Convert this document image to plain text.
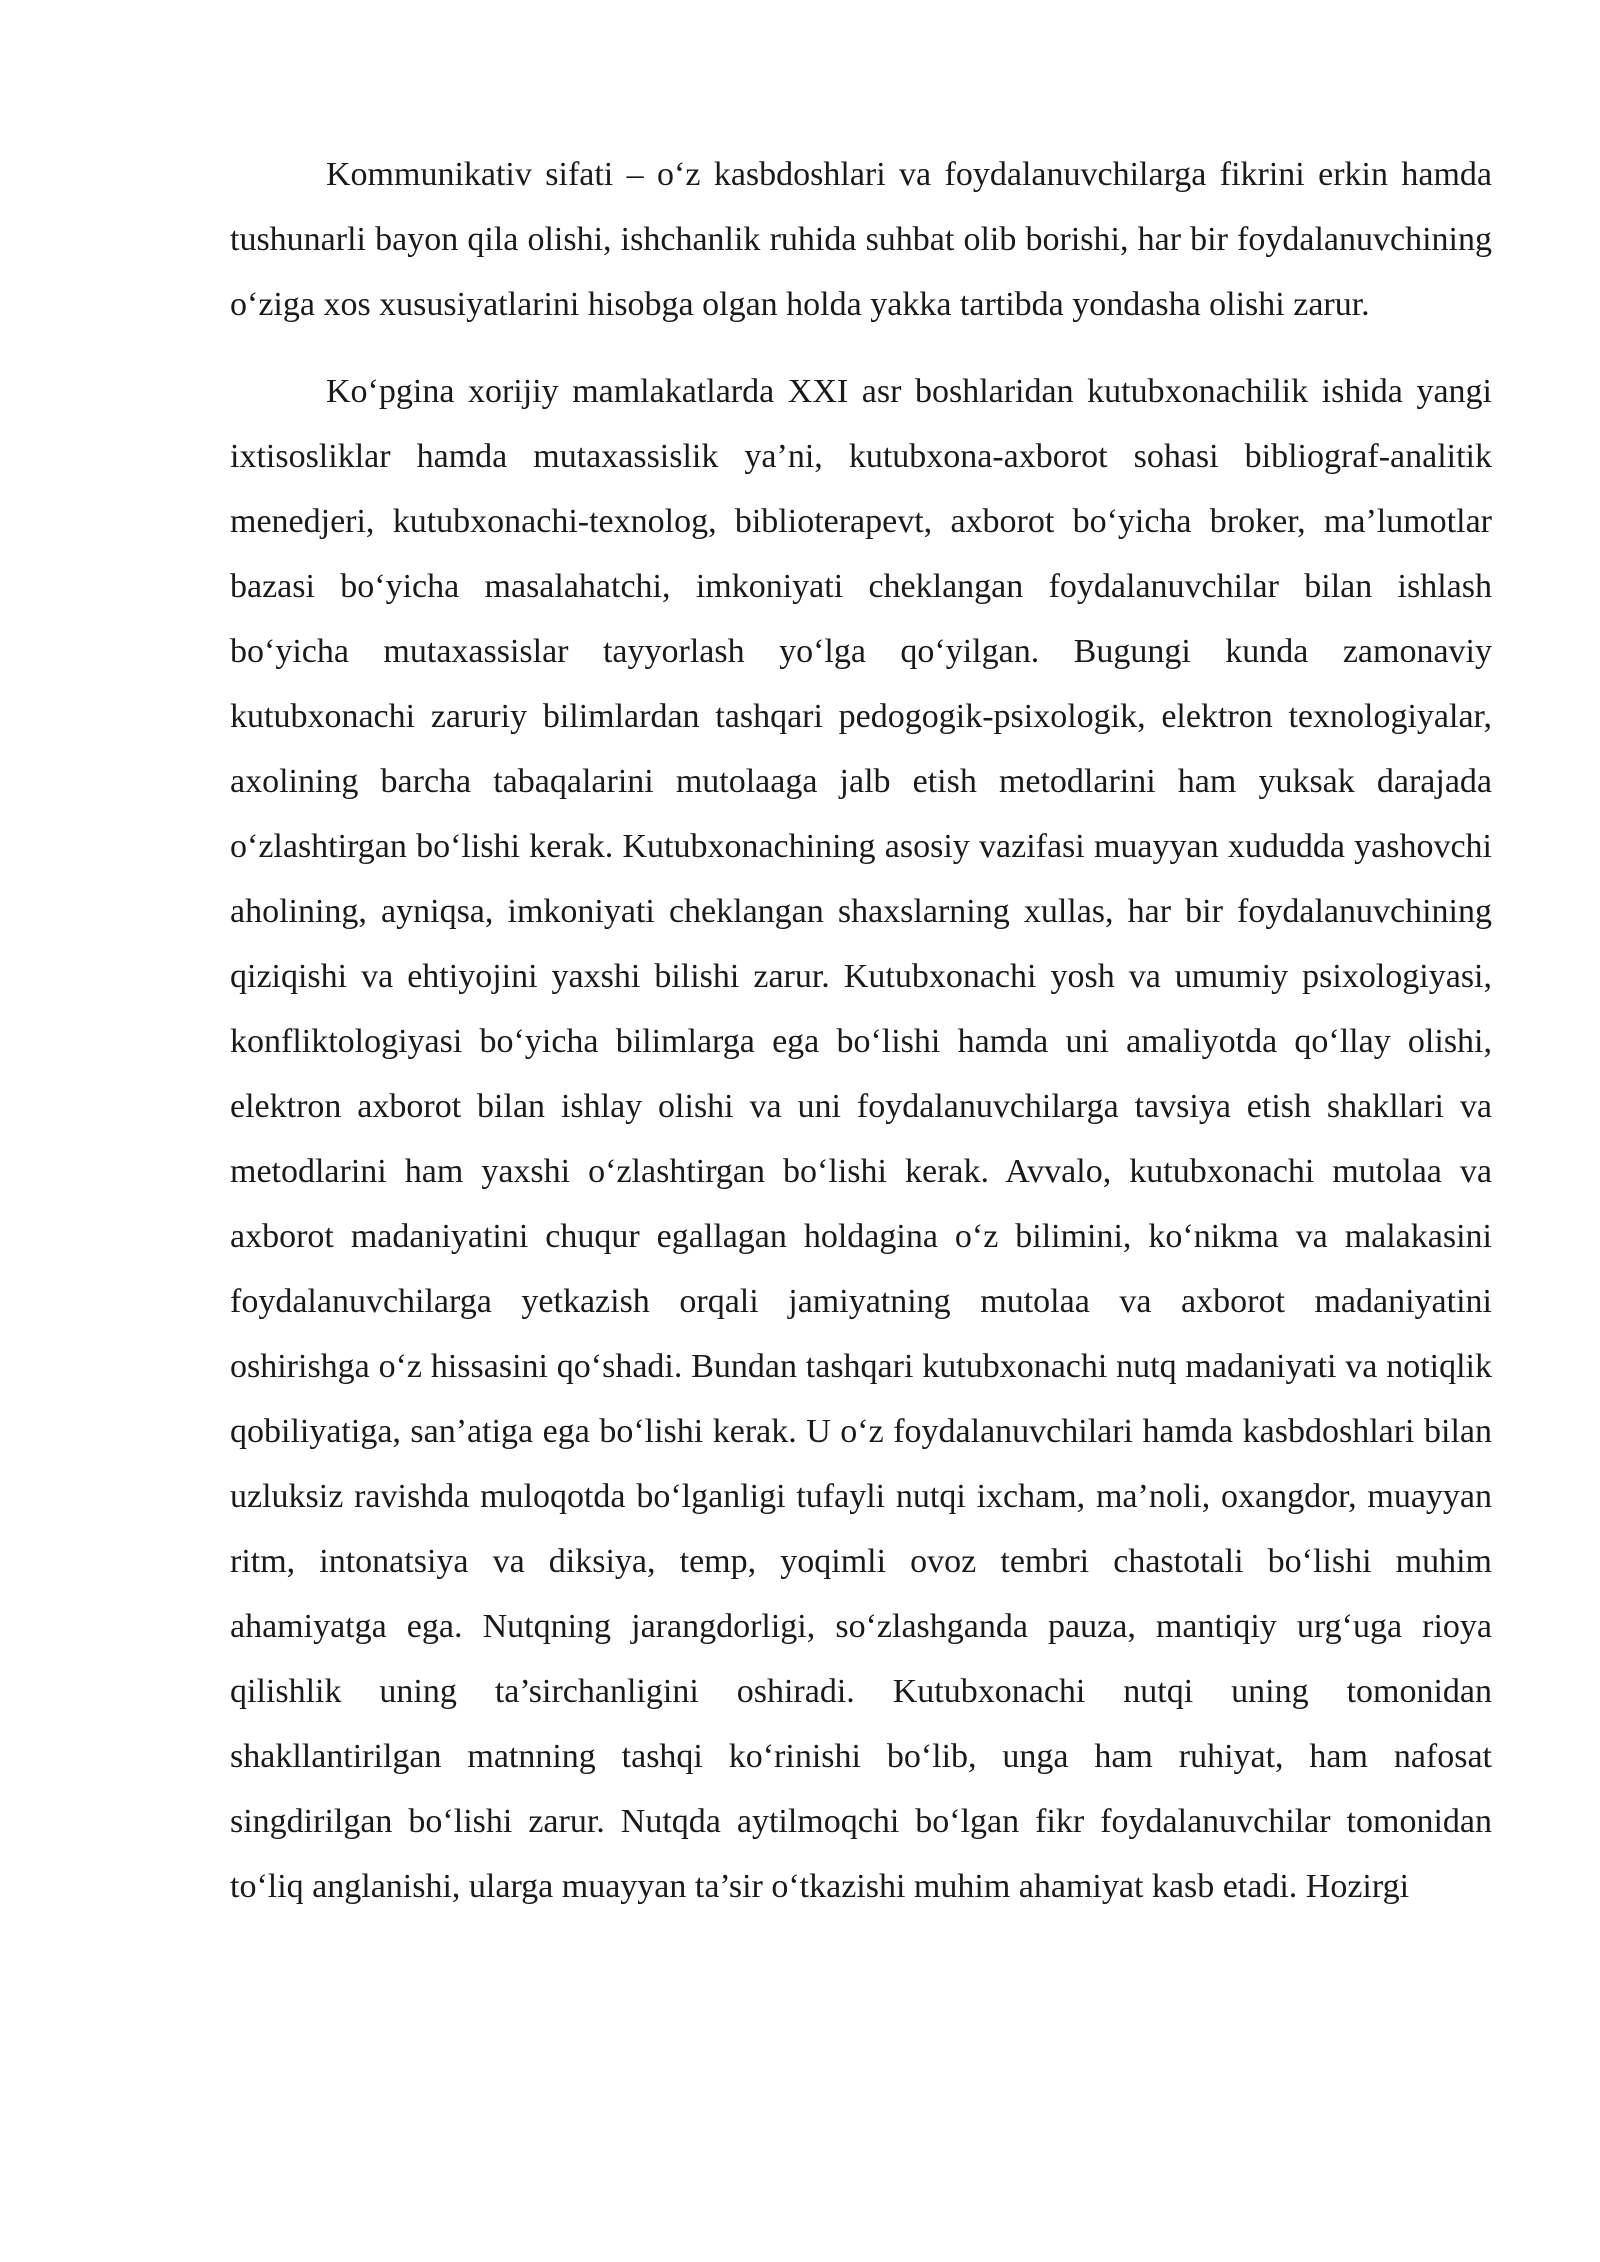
Kommunikativ sifati – o‘z kasbdoshlari va foydalanuvchilarga fikrini erkin hamda tushunarli bayon qila olishi, ishchanlik ruhida suhbat olib borishi, har bir foydalanuvchining o‘ziga xos xususiyatlarini hisobga olgan holda yakka tartibda yondasha olishi zarur.

Ko‘pgina xorijiy mamlakatlarda XXI asr boshlaridan kutubxonachilik ishida yangi ixtisosliklar hamda mutaxassislik ya’ni, kutubxona-axborot sohasi bibliograf-analitik menedjeri, kutubxonachi-texnolog, biblioterapevt, axborot bo‘yicha broker, ma’lumotlar bazasi bo‘yicha masalahatchi, imkoniyati cheklangan foydalanuvchilar bilan ishlash bo‘yicha mutaxassislar tayyorlash yo‘lga qo‘yilgan. Bugungi kunda zamonaviy kutubxonachi zaruriy bilimlardan tashqari pedogogik-psixologik, elektron texnologiyalar, axolining barcha tabaqalarini mutolaaga jalb etish metodlarini ham yuksak darajada o‘zlashtirgan bo‘lishi kerak. Kutubxonachining asosiy vazifasi muayyan xududda yashovchi aholining, ayniqsa, imkoniyati cheklangan shaxslarning xullas, har bir foydalanuvchining qiziqishi va ehtiyojini yaxshi bilishi zarur. Kutubxonachi yosh va umumiy psixologiyasi, konfliktologiyasi bo‘yicha bilimlarga ega bo‘lishi hamda uni amaliyotda qo‘llay olishi, elektron axborot bilan ishlay olishi va uni foydalanuvchilarga tavsiya etish shakllari va metodlarini ham yaxshi o‘zlashtirgan bo‘lishi kerak. Avvalo, kutubxonachi mutolaa va axborot madaniyatini chuqur egallagan holdagina o‘z bilimini, ko‘nikma va malakasini foydalanuvchilarga yetkazish orqali jamiyatning mutolaa va axborot madaniyatini oshirishga o‘z hissasini qo‘shadi. Bundan tashqari kutubxonachi nutq madaniyati va notiqlik qobiliyatiga, san’atiga ega bo‘lishi kerak. U o‘z foydalanuvchilari hamda kasbdoshlari bilan uzluksiz ravishda muloqotda bo‘lganligi tufayli nutqi ixcham, ma’noli, oxangdor, muayyan ritm, intonatsiya va diksiya, temp, yoqimli ovoz tembri chastotali bo‘lishi muhim ahamiyatga ega. Nutqning jarangdorligi, so‘zlashganda pauza, mantiqiy urg‘uga rioya qilishlik uning ta’sirchanligini oshiradi. Kutubxonachi nutqi uning tomonidan shakllantirilgan matnning tashqi ko‘rinishi bo‘lib, unga ham ruhiyat, ham nafosat singdirilgan bo‘lishi zarur. Nutqda aytilmoqchi bo‘lgan fikr foydalanuvchilar tomonidan to‘liq anglanishi, ularga muayyan ta’sir o‘tkazishi muhim ahamiyat kasb etadi. Hozirgi
